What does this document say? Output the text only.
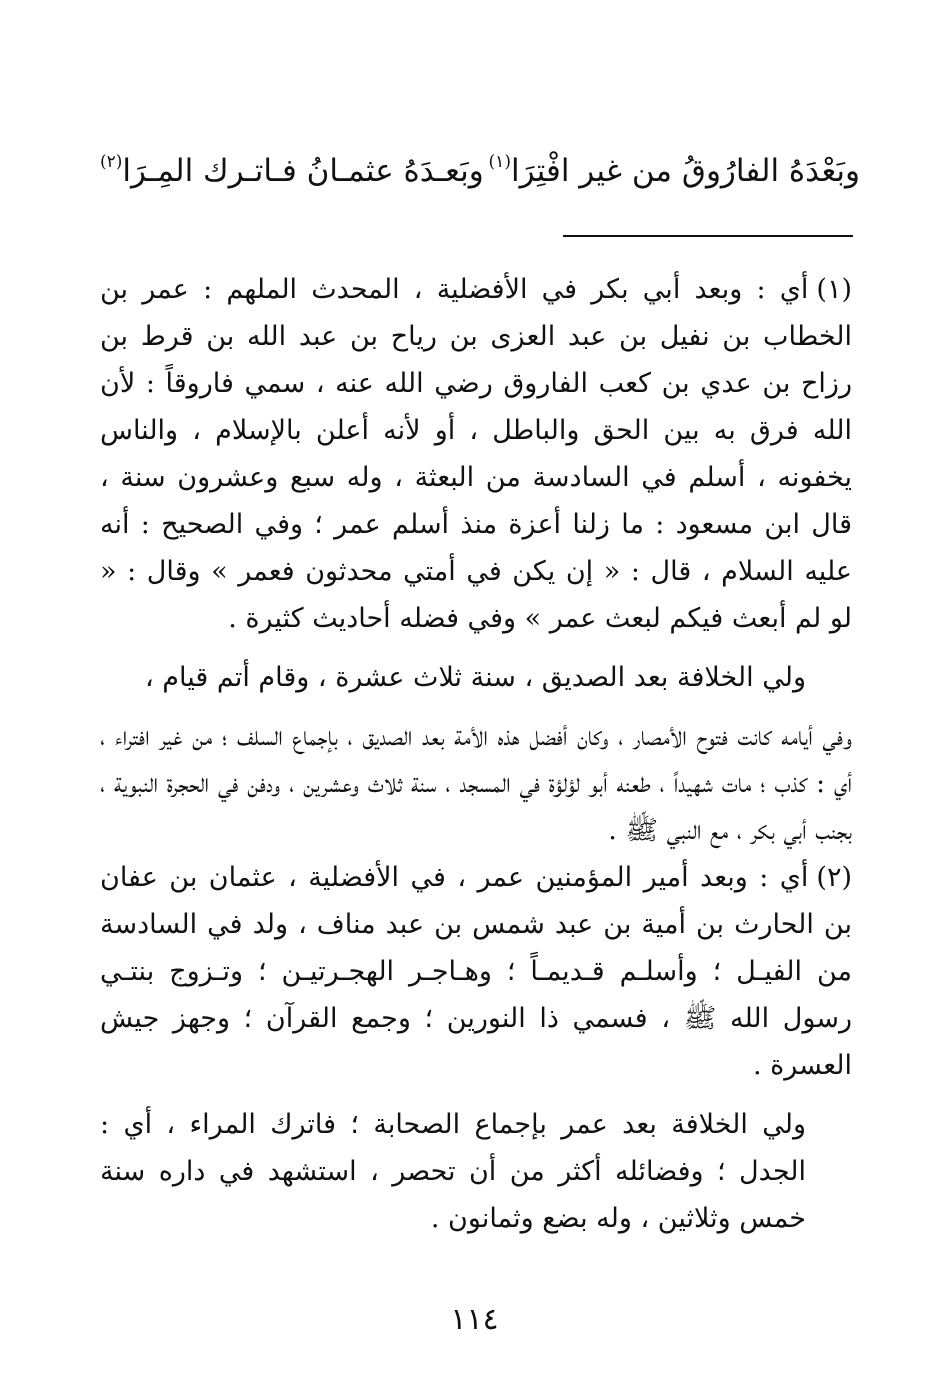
وبَعْدَهُ الفارُوقُ من غير افْتِرَا$^{(١)}$
وبَعـدَهُ عثمـانُ فـاتـرك المِـرَا$^{(٢)}$

(١)أي : وبعد أبي بكر في الأفضلية ، المحدث الملهم : عمر بن الخطاب بن نفيل بن عبد العزى بن رياح بن عبد الله بن قرط بن رزاح بن عدي بن كعب الفاروق رضي الله عنه ، سمي فاروقاً : لأن الله فرق به بين الحق والباطل ، أو لأنه أعلن بالإسلام ، والناس يخفونه ، أسلم في السادسة من البعثة ، وله سبع وعشرون سنة ، قال ابن مسعود : ما زلنا أعزة منذ أسلم عمر ؛ وفي الصحيح : أنه عليه السلام ، قال : « إن يكن في أمتي محدثون فعمر » وقال : « لو لم أبعث فيكم لبعث عمر » وفي فضله أحاديث كثيرة .

ولي الخلافة بعد الصديق ، سنة ثلاث عشرة ، وقام أتم قيام ،

وفي أيامه كانت فتوح الأمصار ، وكان أفضل هذه الأمة بعد الصديق ، بإجماع السلف ؛ من غير افتراء ، أي : كذب ؛ مات شهيداً ، طعنه أبو لؤلؤة في المسجد ، سنة ثلاث وعشرين ، ودفن في الحجرة النبوية ، بجنب أبي بكر ، مع النبي ﷺ .

(٢)أي : وبعد أمير المؤمنين عمر ، في الأفضلية ، عثمان بن عفان بن الحارث بن أمية بن عبد شمس بن عبد مناف ، ولد في السادسة من الفيـل ؛ وأسلـم قـديمـاً ؛ وهـاجـر الهجـرتيـن ؛ وتـزوج بنتـي رسول الله ﷺ ، فسمي ذا النورين ؛ وجمع القرآن ؛ وجهز جيش العسرة .

ولي الخلافة بعد عمر بإجماع الصحابة ؛ فاترك المراء ، أي : الجدل ؛ وفضائله أكثر من أن تحصر ، استشهد في داره سنة خمس وثلاثين ، وله بضع وثمانون .

١١٤
